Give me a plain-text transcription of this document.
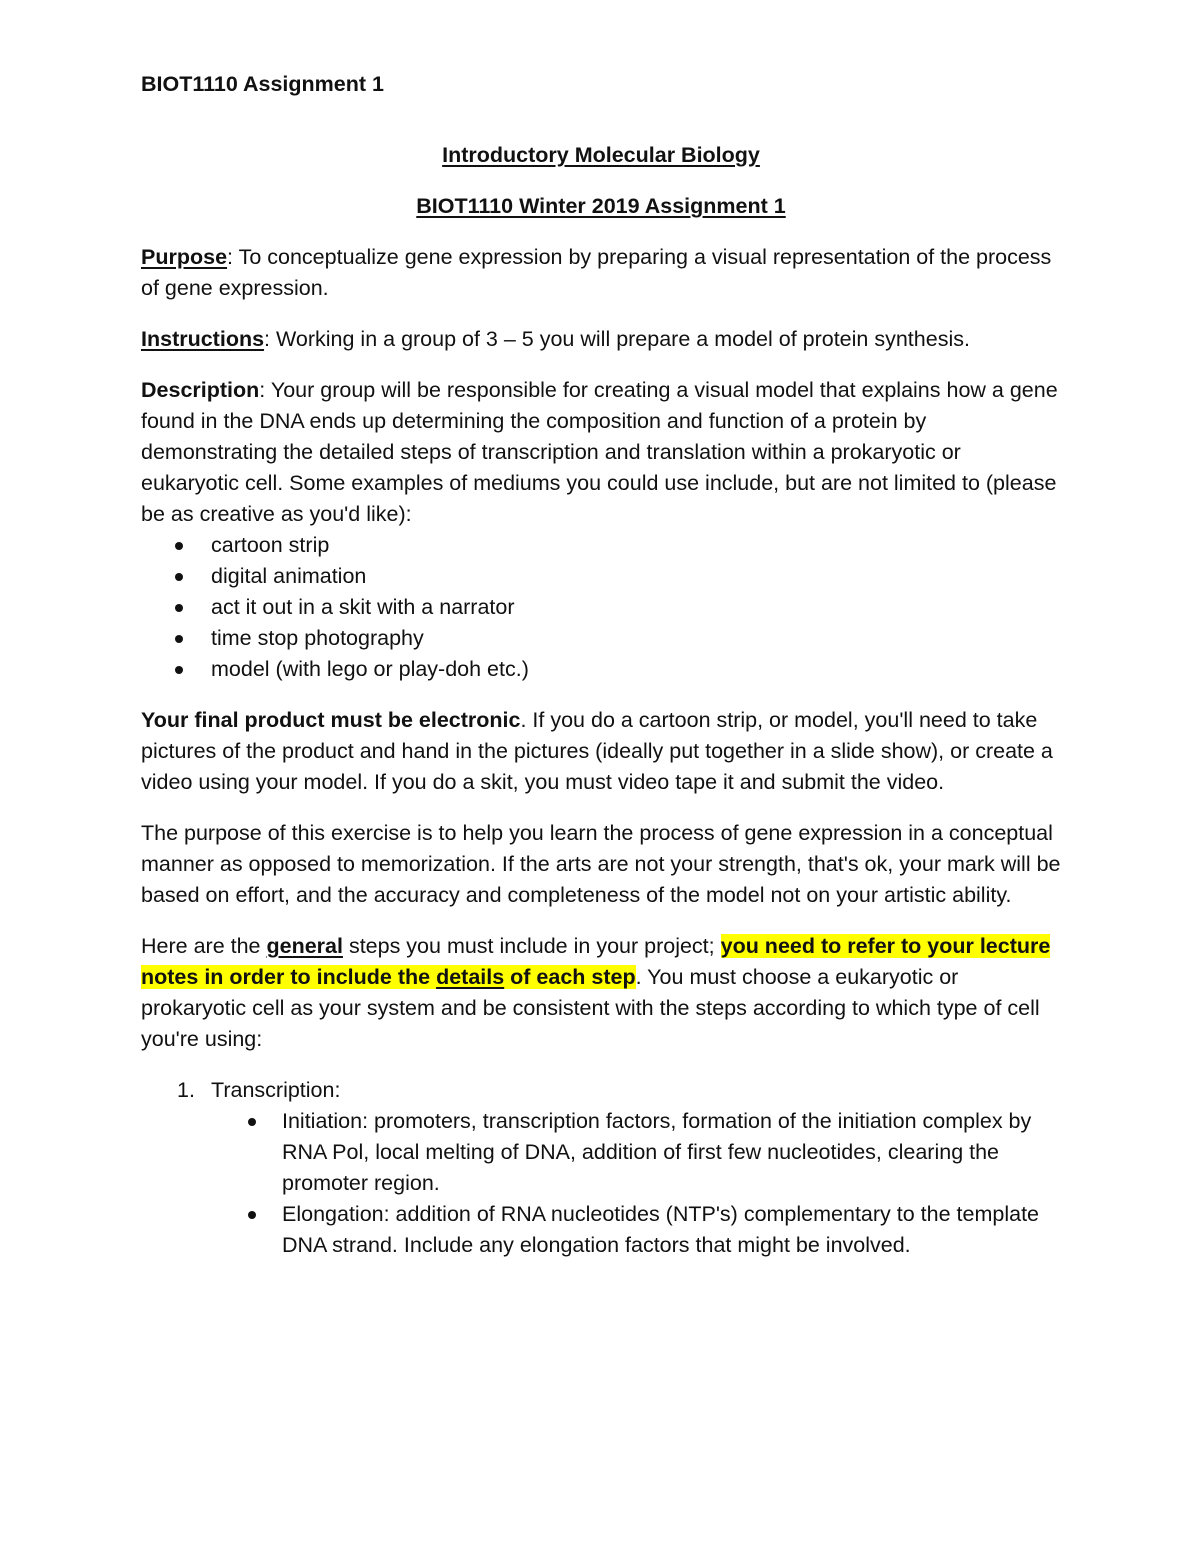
BIOT1110 Assignment 1
Introductory Molecular Biology
BIOT1110 Winter 2019 Assignment 1

Purpose: To conceptualize gene expression by preparing a visual representation of the process of gene expression.

Instructions: Working in a group of 3 – 5 you will prepare a model of protein synthesis.

Description: Your group will be responsible for creating a visual model that explains how a gene found in the DNA ends up determining the composition and function of a protein by demonstrating the detailed steps of transcription and translation within a prokaryotic or eukaryotic cell. Some examples of mediums you could use include, but are not limited to (please be as creative as you'd like):

cartoon strip
digital animation
act it out in a skit with a narrator
time stop photography
model (with lego or play-doh etc.)

Your final product must be electronic. If you do a cartoon strip, or model, you'll need to take pictures of the product and hand in the pictures (ideally put together in a slide show), or create a video using your model. If you do a skit, you must video tape it and submit the video.

The purpose of this exercise is to help you learn the process of gene expression in a conceptual manner as opposed to memorization. If the arts are not your strength, that's ok, your mark will be based on effort, and the accuracy and completeness of the model not on your artistic ability.

Here are the general steps you must include in your project; you need to refer to your lecture notes in order to include the details of each step. You must choose a eukaryotic or prokaryotic cell as your system and be consistent with the steps according to which type of cell you're using:

1. Transcription:
Initiation: promoters, transcription factors, formation of the initiation complex by RNA Pol, local melting of DNA, addition of first few nucleotides, clearing the promoter region.
Elongation: addition of RNA nucleotides (NTP's) complementary to the template DNA strand. Include any elongation factors that might be involved.
